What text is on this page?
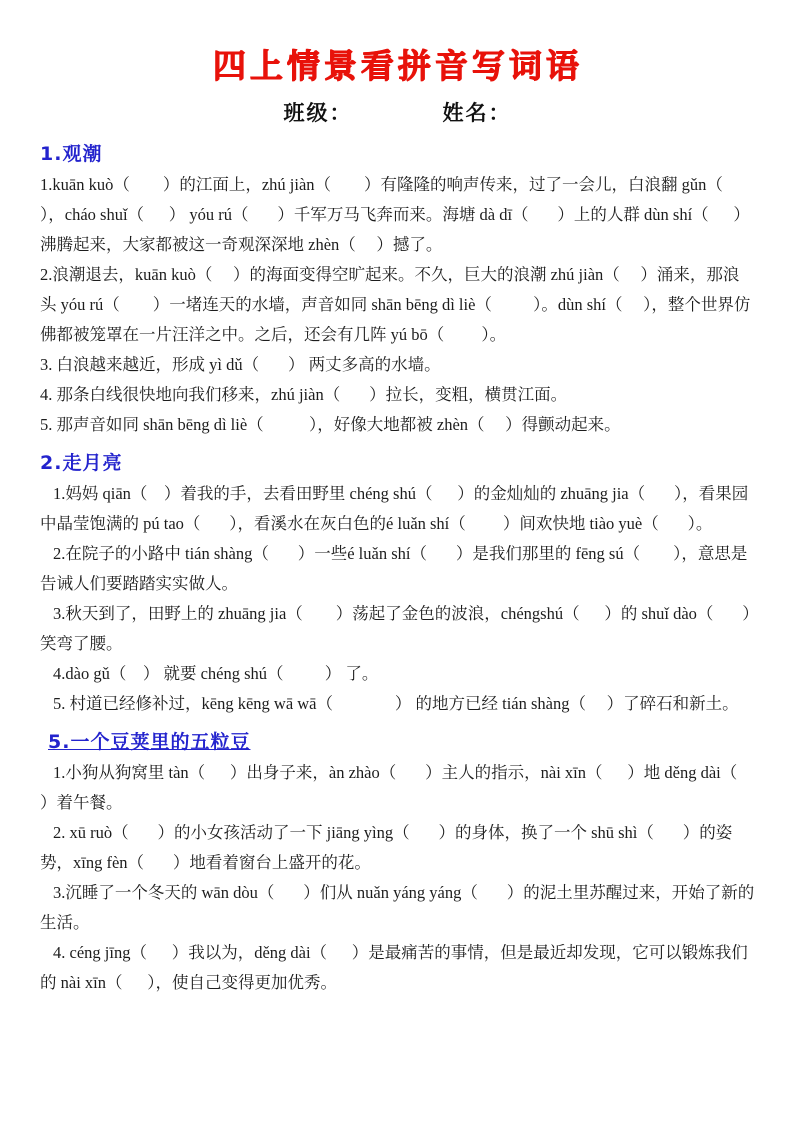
四上情景看拼音写词语
班级：	姓名：
1.观潮

1.kuān kuò（        ）的江面上，zhú jiàn（        ）有隆隆的响声传来，过了一会儿，白浪翻 gǔn（    ），cháo shuǐ（      ） yóu rú（       ）千军万马飞奔而来。海塘 dà dī（       ）上的人群 dùn shí（      ）沸腾起来，大家都被这一奇观深深地 zhèn（     ）撼了。

2.浪潮退去，kuān kuò（     ）的海面变得空旷起来。不久，巨大的浪潮 zhú jiàn（     ）涌来，那浪头 yóu rú（        ）一堵连天的水墙，声音如同 shān bēng dì liè（          ）。dùn shí（     ），整个世界仿佛都被笼罩在一片汪洋之中。之后，还会有几阵 yú bō（         ）。

3. 白浪越来越近，形成 yì dǔ（       ） 两丈多高的水墙。

4. 那条白线很快地向我们移来，zhú jiàn（       ）拉长，变粗，横贯江面。

5. 那声音如同 shān bēng dì liè（           ），好像大地都被 zhèn（     ）得颤动起来。

2.走月亮

1.妈妈 qiān（    ）着我的手，去看田野里 chéng shú（      ）的金灿灿的 zhuāng jia（       ），看果园中晶莹饱满的 pú tao（       ），看溪水在灰白色的é luǎn shí（         ）间欢快地 tiào yuè（       ）。

2.在院子的小路中 tián shàng（       ）一些é luǎn shí（       ）是我们那里的 fēng sú（        ），意思是告诫人们要踏踏实实做人。

3.秋天到了，田野上的 zhuāng jia（        ）荡起了金色的波浪，chéngshú（      ）的 shuǐ dào（       ）笑弯了腰。

4.dào gǔ（    ） 就要 chéng shú（          ） 了。

5. 村道已经修补过，kēng kēng wā wā（               ） 的地方已经 tián shàng（     ）了碎石和新土。

5.一个豆荚里的五粒豆

1.小狗从狗窝里 tàn（      ）出身子来，àn zhào（       ）主人的指示，nài xīn（      ）地 děng dài（       ）着午餐。

2. xū ruò（       ）的小女孩活动了一下 jiāng yìng（       ）的身体，换了一个 shū shì（       ）的姿势，xīng fèn（       ）地看着窗台上盛开的花。

3.沉睡了一个冬天的 wān dòu（       ）们从 nuǎn yáng yáng（       ）的泥土里苏醒过来，开始了新的生活。

4. céng jīng（      ）我以为，děng dài（      ）是最痛苦的事情，但是最近却发现，它可以锻炼我们的 nài xīn（      ），使自己变得更加优秀。
